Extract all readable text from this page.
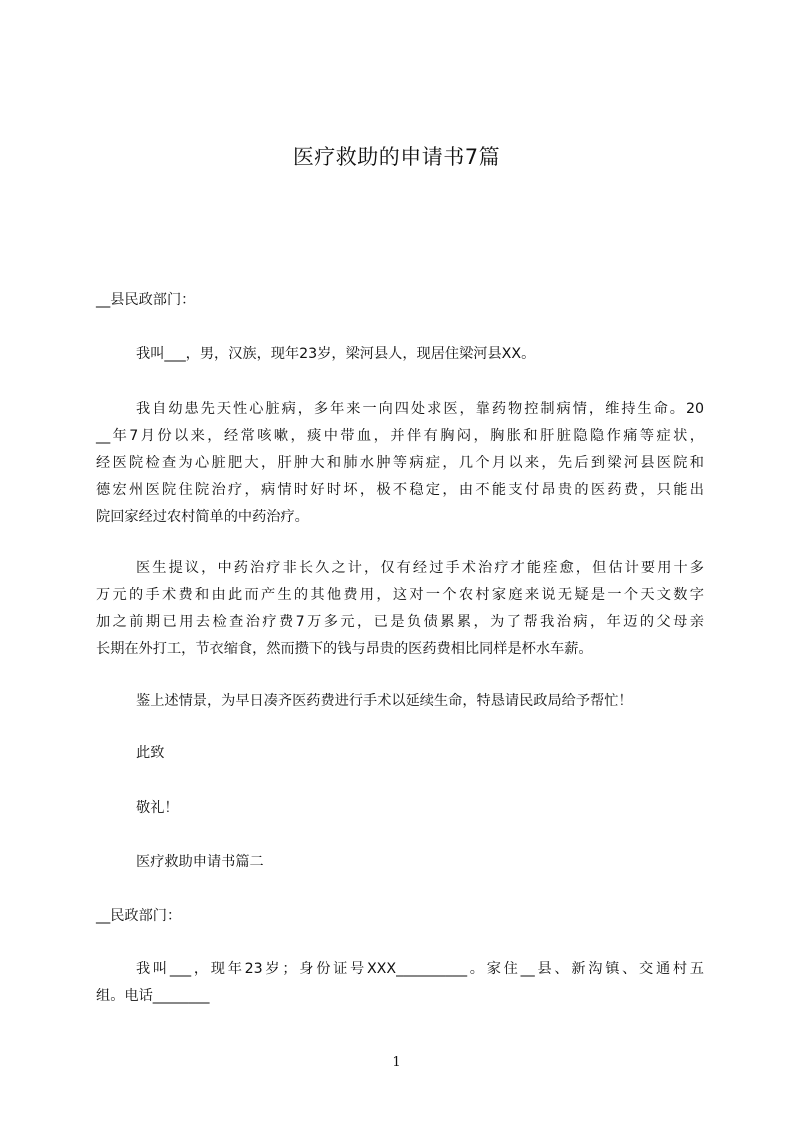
医疗救助的申请书7篇
__县民政部门：
我叫___，男，汉族，现年23岁，梁河县人，现居住梁河县XX。
我自幼患先天性心脏病，多年来一向四处求医，靠药物控制病情，维持生命。20
__年7月份以来，经常咳嗽，痰中带血，并伴有胸闷，胸胀和肝脏隐隐作痛等症状，
经医院检查为心脏肥大，肝肿大和肺水肿等病症，几个月以来，先后到梁河县医院和
德宏州医院住院治疗，病情时好时坏，极不稳定，由不能支付昂贵的医药费，只能出
院回家经过农村简单的中药治疗。
医生提议，中药治疗非长久之计，仅有经过手术治疗才能痊愈，但估计要用十多
万元的手术费和由此而产生的其他费用，这对一个农村家庭来说无疑是一个天文数字
加之前期已用去检查治疗费7万多元，已是负债累累，为了帮我治病，年迈的父母亲
长期在外打工，节衣缩食，然而攒下的钱与昂贵的医药费相比同样是杯水车薪。
鉴上述情景，为早日凑齐医药费进行手术以延续生命，特恳请民政局给予帮忙！
此致
敬礼！
医疗救助申请书篇二
__民政部门：
我叫___，现年23岁；身份证号XXX__________。家住__县、新沟镇、交通村五
组。电话________
1
